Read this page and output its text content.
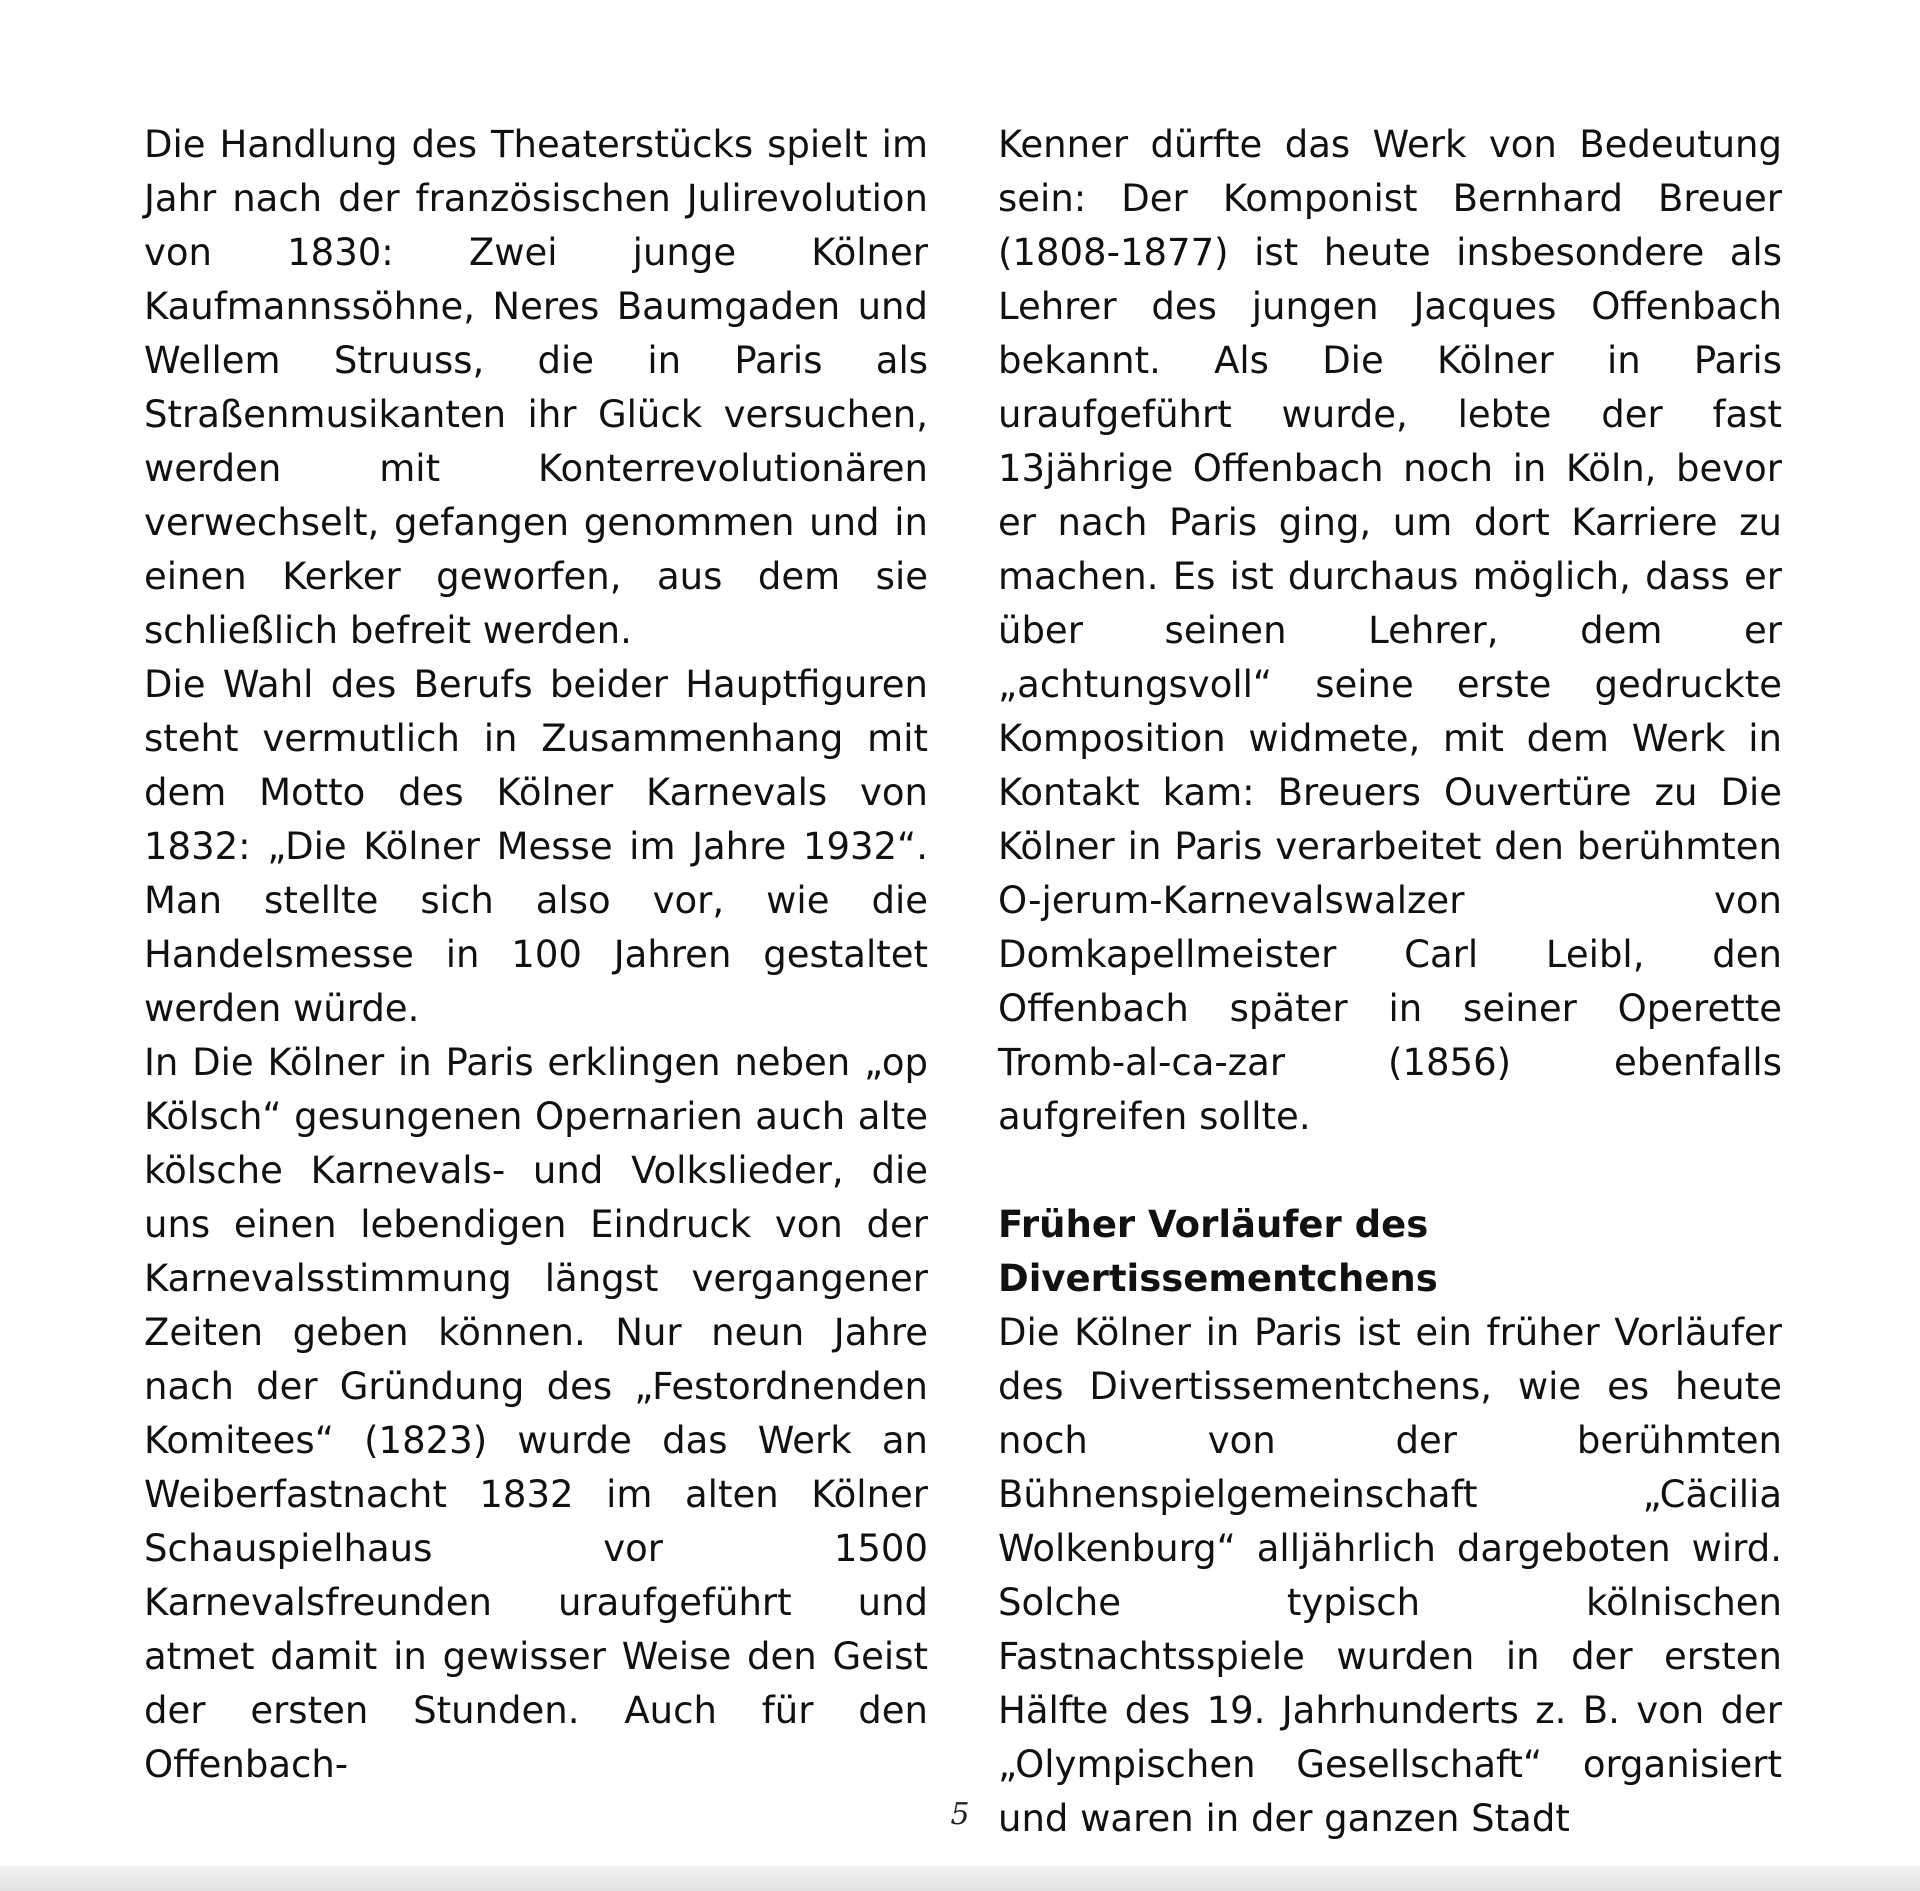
Die Handlung des Theaterstücks spielt im Jahr nach der französischen Julirevolution von 1830: Zwei junge Kölner Kaufmannssöhne, Neres Baumgaden und Wellem Struuss, die in Paris als Straßenmusikanten ihr Glück versuchen, werden mit Konterrevolutionären verwechselt, gefangen genommen und in einen Kerker geworfen, aus dem sie schließlich befreit werden.

Die Wahl des Berufs beider Hauptfiguren steht vermutlich in Zusammenhang mit dem Motto des Kölner Karnevals von 1832: „Die Kölner Messe im Jahre 1932“. Man stellte sich also vor, wie die Handelsmesse in 100 Jahren gestaltet werden würde.

In Die Kölner in Paris erklingen neben „op Kölsch“ gesungenen Opernarien auch alte kölsche Karnevals- und Volkslieder, die uns einen lebendigen Eindruck von der Karnevalsstimmung längst vergangener Zeiten geben können. Nur neun Jahre nach der Gründung des „Festordnenden Komitees“ (1823) wurde das Werk an Weiberfastnacht 1832 im alten Kölner Schauspielhaus vor 1500 Karnevalsfreunden uraufgeführt und atmet damit in gewisser Weise den Geist der ersten Stunden. Auch für den Offenbach-

Kenner dürfte das Werk von Bedeutung sein: Der Komponist Bernhard Breuer (1808-1877) ist heute insbesondere als Lehrer des jungen Jacques Offenbach bekannt. Als Die Kölner in Paris uraufgeführt wurde, lebte der fast 13jährige Offenbach noch in Köln, bevor er nach Paris ging, um dort Karriere zu machen. Es ist durchaus möglich, dass er über seinen Lehrer, dem er „achtungsvoll“ seine erste gedruckte Komposition widmete, mit dem Werk in Kontakt kam: Breuers Ouvertüre zu Die Kölner in Paris verarbeitet den berühmten O-jerum-Karnevalswalzer von Domkapellmeister Carl Leibl, den Offenbach später in seiner Operette Tromb-al-ca-zar (1856) ebenfalls aufgreifen sollte.

Früher Vorläufer des Divertissementchens

Die Kölner in Paris ist ein früher Vorläufer des Divertissementchens, wie es heute noch von der berühmten Bühnenspielgemeinschaft „Cäcilia Wolkenburg“ alljährlich dargeboten wird. Solche typisch kölnischen Fastnachtsspiele wurden in der ersten Hälfte des 19. Jahrhunderts z. B. von der „Olympischen Gesellschaft“ organisiert und waren in der ganzen Stadt

5
